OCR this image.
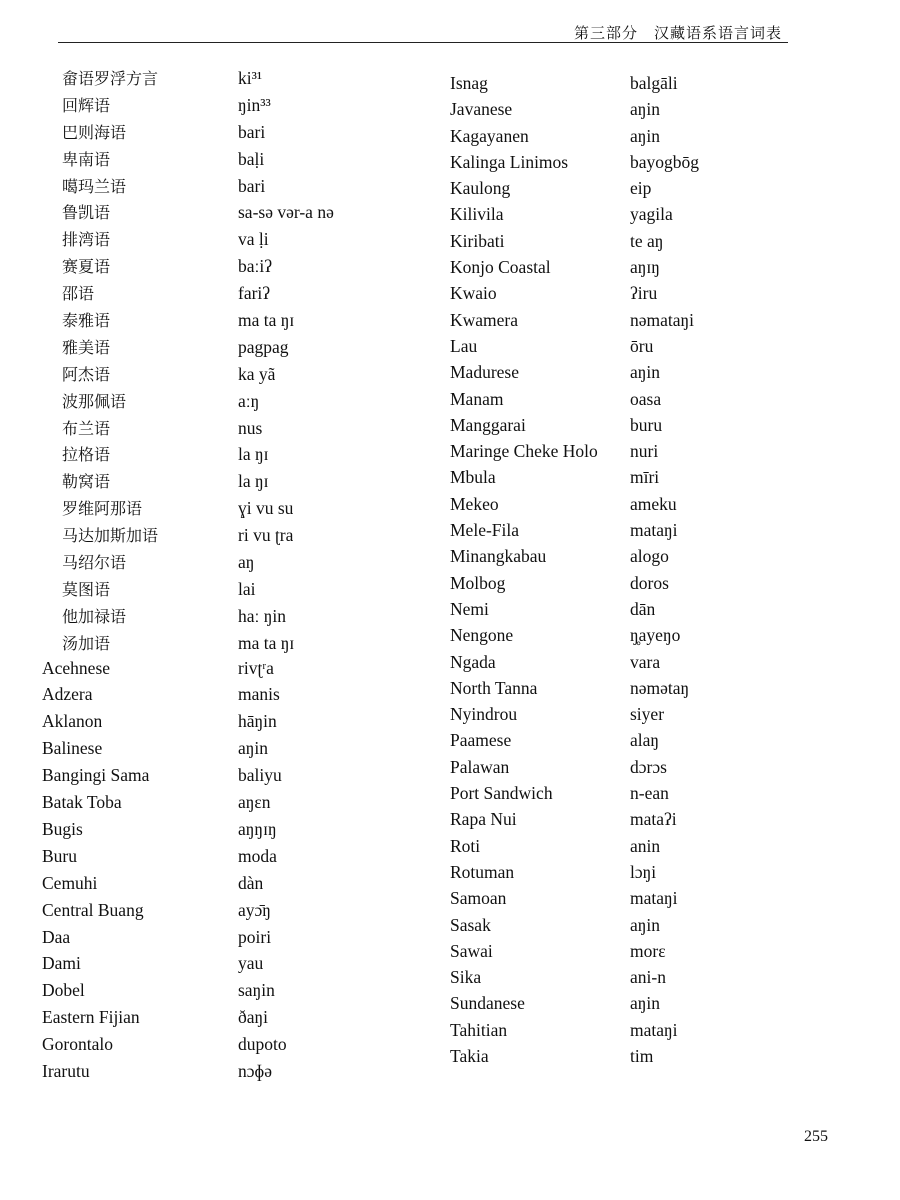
第三部分　汉藏语系语言词表
畲语罗浮方言	ki³¹
回辉语	ŋin³³
巴则海语	bari
卑南语	baḷi
噶玛兰语	bari
鲁凯语	sa-sə vər-a nə
排湾语	va ḷi
赛夏语	baːiʔ
邵语	fariʔ
泰雅语	ma ta ŋɪ
雅美语	pagpag
阿杰语	ka yã
波那佩语	aːŋ
布兰语	nus
拉格语	la ŋɪ
勒窝语	la ŋɪ
罗维阿那语	ɣi vu su
马达加斯加语	ri vu ʈra
马绍尔语	aŋ
莫图语	lai
他加禄语	haː ŋin
汤加语	ma ta ŋɪ
Acehnese	rivʈʳa
Adzera	manis
Aklanon	hāŋin
Balinese	aŋin
Bangingi Sama	baliyu
Batak Toba	aŋɛn
Bugis	aŋŋɪŋ
Buru	moda
Cemuhi	dàn
Central Buang	ayɔ̄ŋ
Daa	poiri
Dami	yau
Dobel	saŋin
Eastern Fijian	ðaŋi
Gorontalo	dupoto
Irarutu	nɔɸə
Isnag	balgāli
Javanese	aŋin
Kagayanen	aŋin
Kalinga Linimos	bayogbōg
Kaulong	eip
Kilivila	yagila
Kiribati	te aŋ
Konjo Coastal	aŋɪŋ
Kwaio	ʔiru
Kwamera	nəmataŋi
Lau	ōru
Madurese	aŋin
Manam	oasa
Manggarai	buru
Maringe Cheke Holo	nuri
Mbula	mīri
Mekeo	ameku
Mele-Fila	mataŋi
Minangkabau	alogo
Molbog	doros
Nemi	dān
Nengone	ŋ̥ayeŋo
Ngada	vara
North Tanna	nəmətaŋ
Nyindrou	siyer
Paamese	alaŋ
Palawan	dɔrɔs
Port Sandwich	n-ean
Rapa Nui	mataʔi
Roti	anin
Rotuman	lɔŋi
Samoan	mataŋi
Sasak	aŋin
Sawai	morɛ
Sika	ani-n
Sundanese	aŋin
Tahitian	mataŋi
Takia	tim
255
